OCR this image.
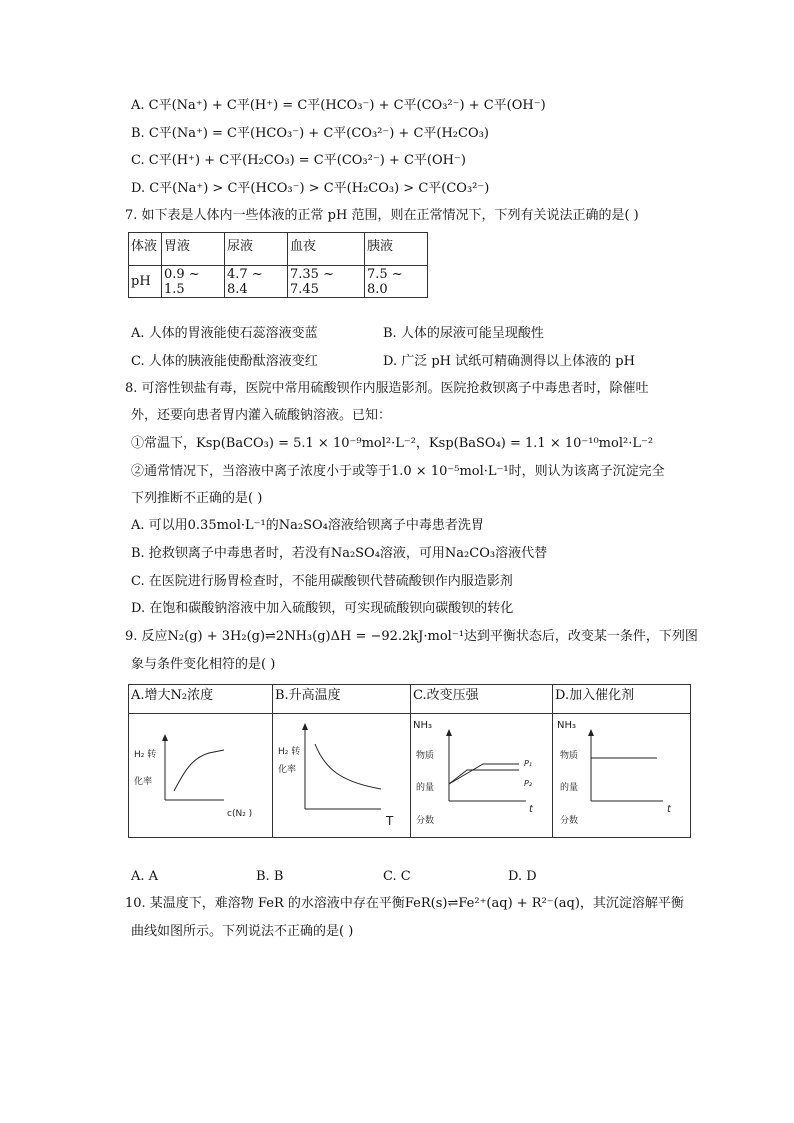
A. C平(Na⁺) + C平(H⁺) = C平(HCO₃⁻) + C平(CO₃²⁻) + C平(OH⁻)
B. C平(Na⁺) = C平(HCO₃⁻) + C平(CO₃²⁻) + C平(H₂CO₃)
C. C平(H⁺) + C平(H₂CO₃) = C平(CO₃²⁻) + C平(OH⁻)
D. C平(Na⁺) > C平(HCO₃⁻) > C平(H₂CO₃) > C平(CO₃²⁻)
7. 如下表是人体内一些体液的正常 pH 范围，则在正常情况下，下列有关说法正确的是( )
体液	胃液	尿液	血夜	胰液
pH	0.9 ~ 1.5	4.7 ~ 8.4	7.35 ~ 7.45	7.5 ~ 8.0
A. 人体的胃液能使石蕊溶液变蓝	B. 人体的尿液可能呈现酸性
C. 人体的胰液能使酚酞溶液变红	D. 广泛 pH 试纸可精确测得以上体液的 pH
8. 可溶性钡盐有毒，医院中常用硫酸钡作内服造影剂。医院抢救钡离子中毒患者时，除催吐
外，还要向患者胃内灌入硫酸钠溶液。已知：
①常温下，Ksp(BaCO₃) = 5.1 × 10⁻⁹mol²·L⁻²，Ksp(BaSO₄) = 1.1 × 10⁻¹⁰mol²·L⁻²
②通常情况下，当溶液中离子浓度小于或等于1.0 × 10⁻⁵mol·L⁻¹时，则认为该离子沉淀完全
下列推断不正确的是( )
A. 可以用0.35mol·L⁻¹的Na₂SO₄溶液给钡离子中毒患者洗胃
B. 抢救钡离子中毒患者时，若没有Na₂SO₄溶液，可用Na₂CO₃溶液代替
C. 在医院进行肠胃检查时，不能用碳酸钡代替硫酸钡作内服造影剂
D. 在饱和碳酸钠溶液中加入硫酸钡，可实现硫酸钡向碳酸钡的转化
9. 反应N₂(g) + 3H₂(g)⇌2NH₃(g)ΔH = −92.2kJ·mol⁻¹达到平衡状态后，改变某一条件，下列图
象与条件变化相符的是( )
A.增大N₂浓度
H₂ 转
化率
c(N₂ )
B.升高温度
H₂ 转
化率
T
C.改变压强
NH₃
P₁
P₂
物质
的量
分数
t
D.加入催化剂
NH₃
物质
的量
分数
t
A. A	B. B	C. C	D. D
10. 某温度下，难溶物 FeR 的水溶液中存在平衡FeR(s)⇌Fe²⁺(aq) + R²⁻(aq)，其沉淀溶解平衡
曲线如图所示。下列说法不正确的是( )
